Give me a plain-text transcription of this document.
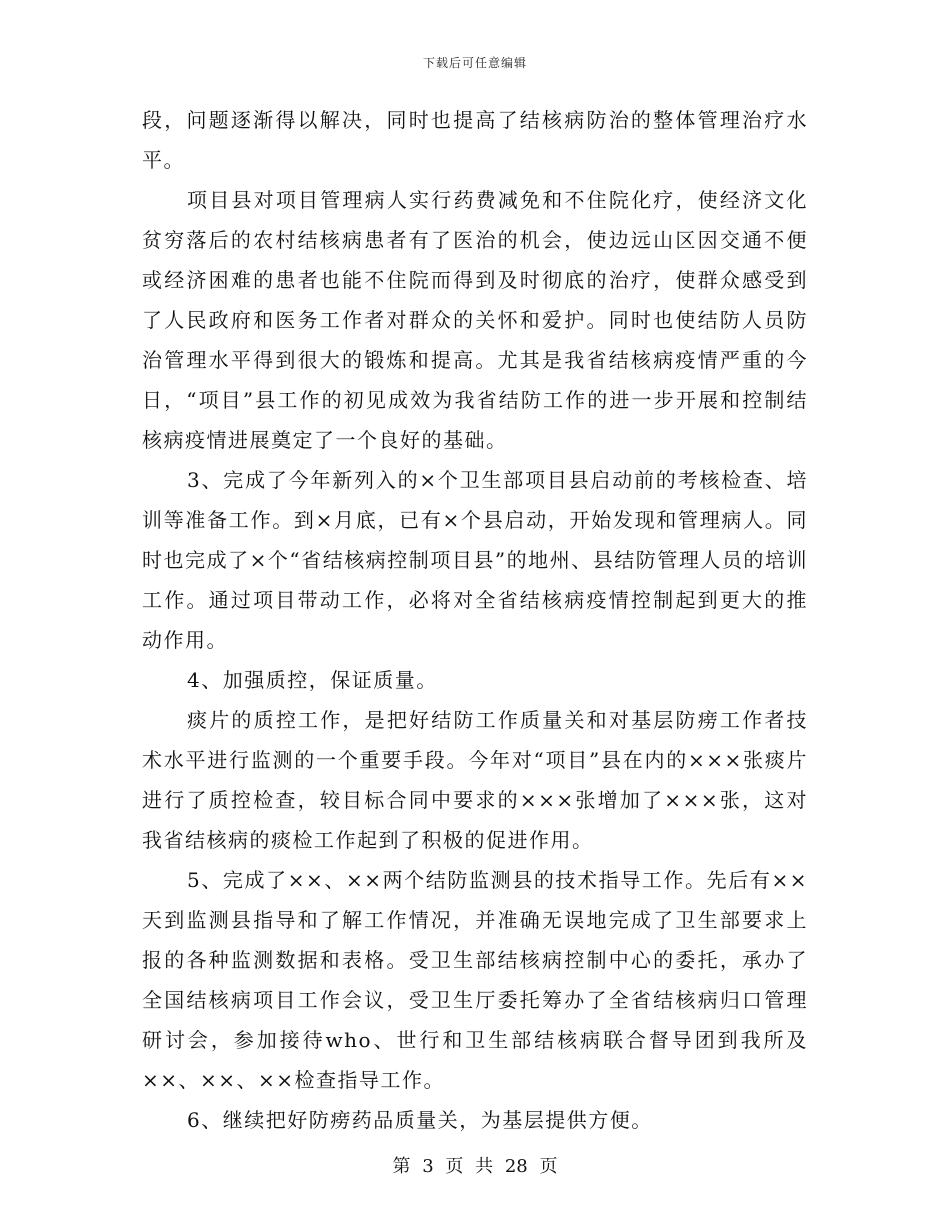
下载后可任意编辑

段，问题逐渐得以解决，同时也提高了结核病防治的整体管理治疗水平。

项目县对项目管理病人实行药费减免和不住院化疗，使经济文化贫穷落后的农村结核病患者有了医治的机会，使边远山区因交通不便或经济困难的患者也能不住院而得到及时彻底的治疗，使群众感受到了人民政府和医务工作者对群众的关怀和爱护。同时也使结防人员防治管理水平得到很大的锻炼和提高。尤其是我省结核病疫情严重的今日，“项目”县工作的初见成效为我省结防工作的进一步开展和控制结核病疫情进展奠定了一个良好的基础。

3、完成了今年新列入的×个卫生部项目县启动前的考核检查、培训等准备工作。到×月底，已有×个县启动，开始发现和管理病人。同时也完成了×个“省结核病控制项目县”的地州、县结防管理人员的培训工作。通过项目带动工作，必将对全省结核病疫情控制起到更大的推动作用。

4、加强质控，保证质量。

痰片的质控工作，是把好结防工作质量关和对基层防痨工作者技术水平进行监测的一个重要手段。今年对“项目”县在内的×××张痰片进行了质控检查，较目标合同中要求的×××张增加了×××张，这对我省结核病的痰检工作起到了积极的促进作用。

5、完成了××、××两个结防监测县的技术指导工作。先后有××天到监测县指导和了解工作情况，并准确无误地完成了卫生部要求上报的各种监测数据和表格。受卫生部结核病控制中心的委托，承办了全国结核病项目工作会议，受卫生厅委托筹办了全省结核病归口管理研讨会，参加接待who、世行和卫生部结核病联合督导团到我所及××、××、××检查指导工作。

6、继续把好防痨药品质量关，为基层提供方便。

第 3 页 共 28 页
